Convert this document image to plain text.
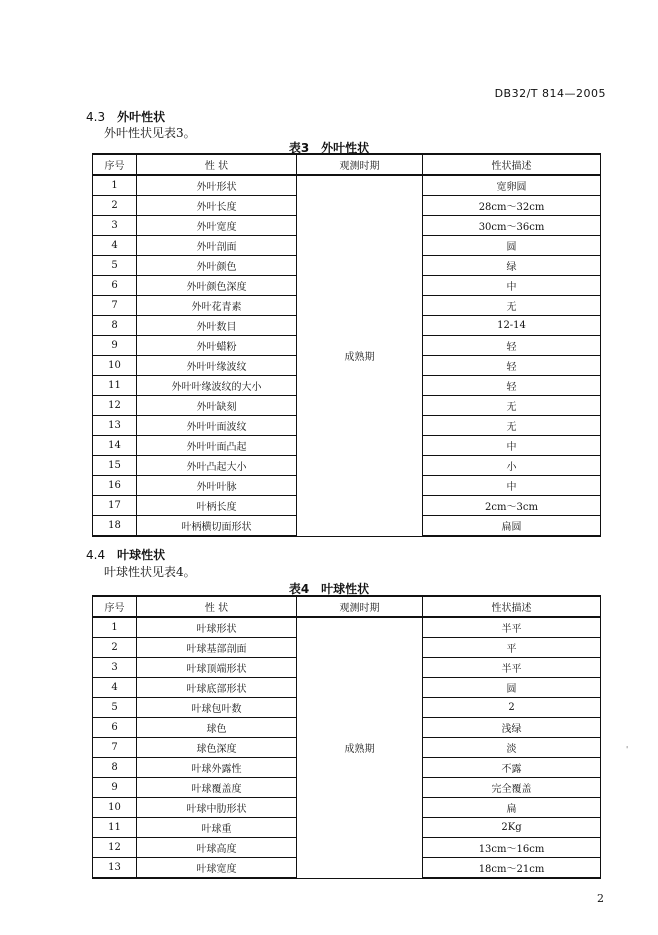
DB32/T 814—2005
4.3 外叶性状
外叶性状见表3。
表3　外叶性状
序号	性 状	观测时期	性状描述
1	外叶形状	成熟期	宽卵圆
2	外叶长度		28cm～32cm
3	外叶宽度		30cm～36cm
4	外叶剖面		圆
5	外叶颜色		绿
6	外叶颜色深度		中
7	外叶花青素		无
8	外叶数目		12-14
9	外叶蜡粉		轻
10	外叶叶缘波纹		轻
11	外叶叶缘波纹的大小		轻
12	外叶缺刻		无
13	外叶叶面波纹		无
14	外叶叶面凸起		中
15	外叶凸起大小		小
16	外叶叶脉		中
17	叶柄长度		2cm～3cm
18	叶柄横切面形状		扁圆
4.4 叶球性状
叶球性状见表4。
表4　叶球性状
序号	性 状	观测时期	性状描述
1	叶球形状	成熟期	半平
2	叶球基部剖面		平
3	叶球顶端形状		半平
4	叶球底部形状		圆
5	叶球包叶数		2
6	球色		浅绿
7	球色深度		淡
8	叶球外露性		不露
9	叶球覆盖度		完全覆盖
10	叶球中肋形状		扁
11	叶球重		2Kg
12	叶球高度		13cm～16cm
13	叶球宽度		18cm～21cm
'
2
